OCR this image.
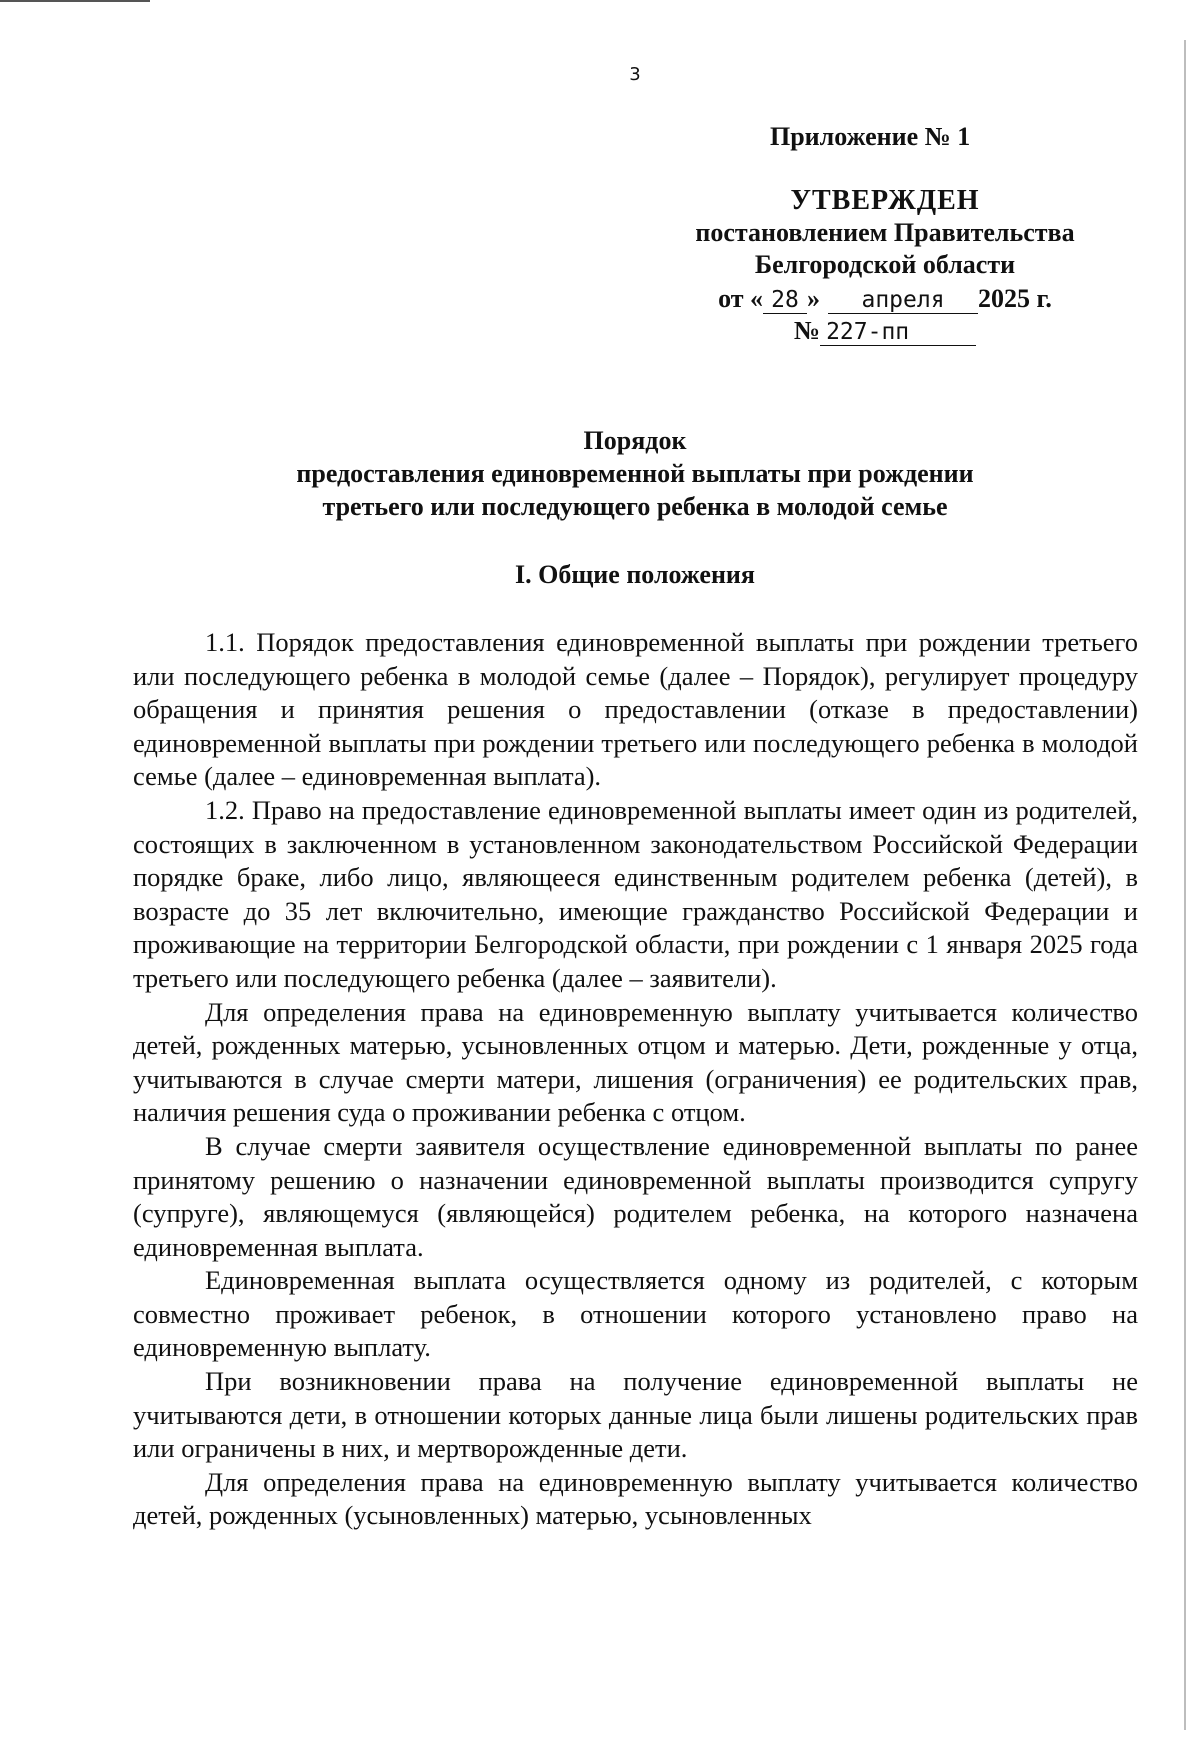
3
Приложение № 1
УТВЕРЖДЕН
постановлением Правительства
Белгородской области
от « 28 » апреля 2025 г.
№ 227-пп
Порядок
предоставления единовременной выплаты при рождении
третьего или последующего ребенка в молодой семье
I. Общие положения

1.1. Порядок предоставления единовременной выплаты при рождении третьего или последующего ребенка в молодой семье (далее – Порядок), регулирует процедуру обращения и принятия решения о предоставлении (отказе в предоставлении) единовременной выплаты при рождении третьего или последующего ребенка в молодой семье (далее – единовременная выплата).

1.2. Право на предоставление единовременной выплаты имеет один из родителей, состоящих в заключенном в установленном законодательством Российской Федерации порядке браке, либо лицо, являющееся единственным родителем ребенка (детей), в возрасте до 35 лет включительно, имеющие гражданство Российской Федерации и проживающие на территории Белгородской области, при рождении с 1 января 2025 года третьего или последующего ребенка (далее – заявители).

Для определения права на единовременную выплату учитывается количество детей, рожденных матерью, усыновленных отцом и матерью. Дети, рожденные у отца, учитываются в случае смерти матери, лишения (ограничения) ее родительских прав, наличия решения суда о проживании ребенка с отцом.

В случае смерти заявителя осуществление единовременной выплаты по ранее принятому решению о назначении единовременной выплаты производится супругу (супруге), являющемуся (являющейся) родителем ребенка, на которого назначена единовременная выплата.

Единовременная выплата осуществляется одному из родителей, с которым совместно проживает ребенок, в отношении которого установлено право на единовременную выплату.

При возникновении права на получение единовременной выплаты не учитываются дети, в отношении которых данные лица были лишены родительских прав или ограничены в них, и мертворожденные дети.

Для определения права на единовременную выплату учитывается количество детей, рожденных (усыновленных) матерью, усыновленных
